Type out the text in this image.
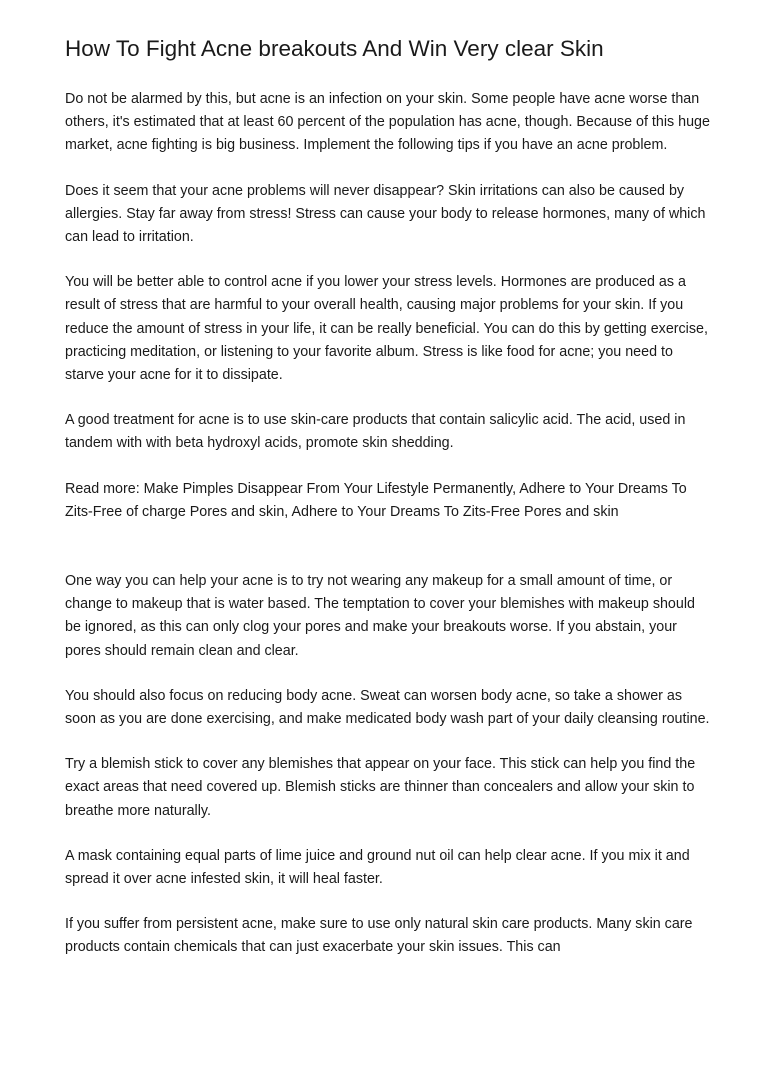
How To Fight Acne breakouts And Win Very clear Skin

Do not be alarmed by this, but acne is an infection on your skin. Some people have acne worse than others, it's estimated that at least 60 percent of the population has acne, though. Because of this huge market, acne fighting is big business. Implement the following tips if you have an acne problem.

Does it seem that your acne problems will never disappear? Skin irritations can also be caused by allergies. Stay far away from stress! Stress can cause your body to release hormones, many of which can lead to irritation.

You will be better able to control acne if you lower your stress levels. Hormones are produced as a result of stress that are harmful to your overall health, causing major problems for your skin. If you reduce the amount of stress in your life, it can be really beneficial. You can do this by getting exercise, practicing meditation, or listening to your favorite album. Stress is like food for acne; you need to starve your acne for it to dissipate.

A good treatment for acne is to use skin-care products that contain salicylic acid. The acid, used in tandem with with beta hydroxyl acids, promote skin shedding.

Read more: Make Pimples Disappear From Your Lifestyle Permanently, Adhere to Your Dreams To Zits-Free of charge Pores and skin, Adhere to Your Dreams To Zits-Free Pores and skin

One way you can help your acne is to try not wearing any makeup for a small amount of time, or change to makeup that is water based. The temptation to cover your blemishes with makeup should be ignored, as this can only clog your pores and make your breakouts worse. If you abstain, your pores should remain clean and clear.

You should also focus on reducing body acne. Sweat can worsen body acne, so take a shower as soon as you are done exercising, and make medicated body wash part of your daily cleansing routine.

Try a blemish stick to cover any blemishes that appear on your face. This stick can help you find the exact areas that need covered up. Blemish sticks are thinner than concealers and allow your skin to breathe more naturally.

A mask containing equal parts of lime juice and ground nut oil can help clear acne. If you mix it and spread it over acne infested skin, it will heal faster.

If you suffer from persistent acne, make sure to use only natural skin care products. Many skin care products contain chemicals that can just exacerbate your skin issues. This can
